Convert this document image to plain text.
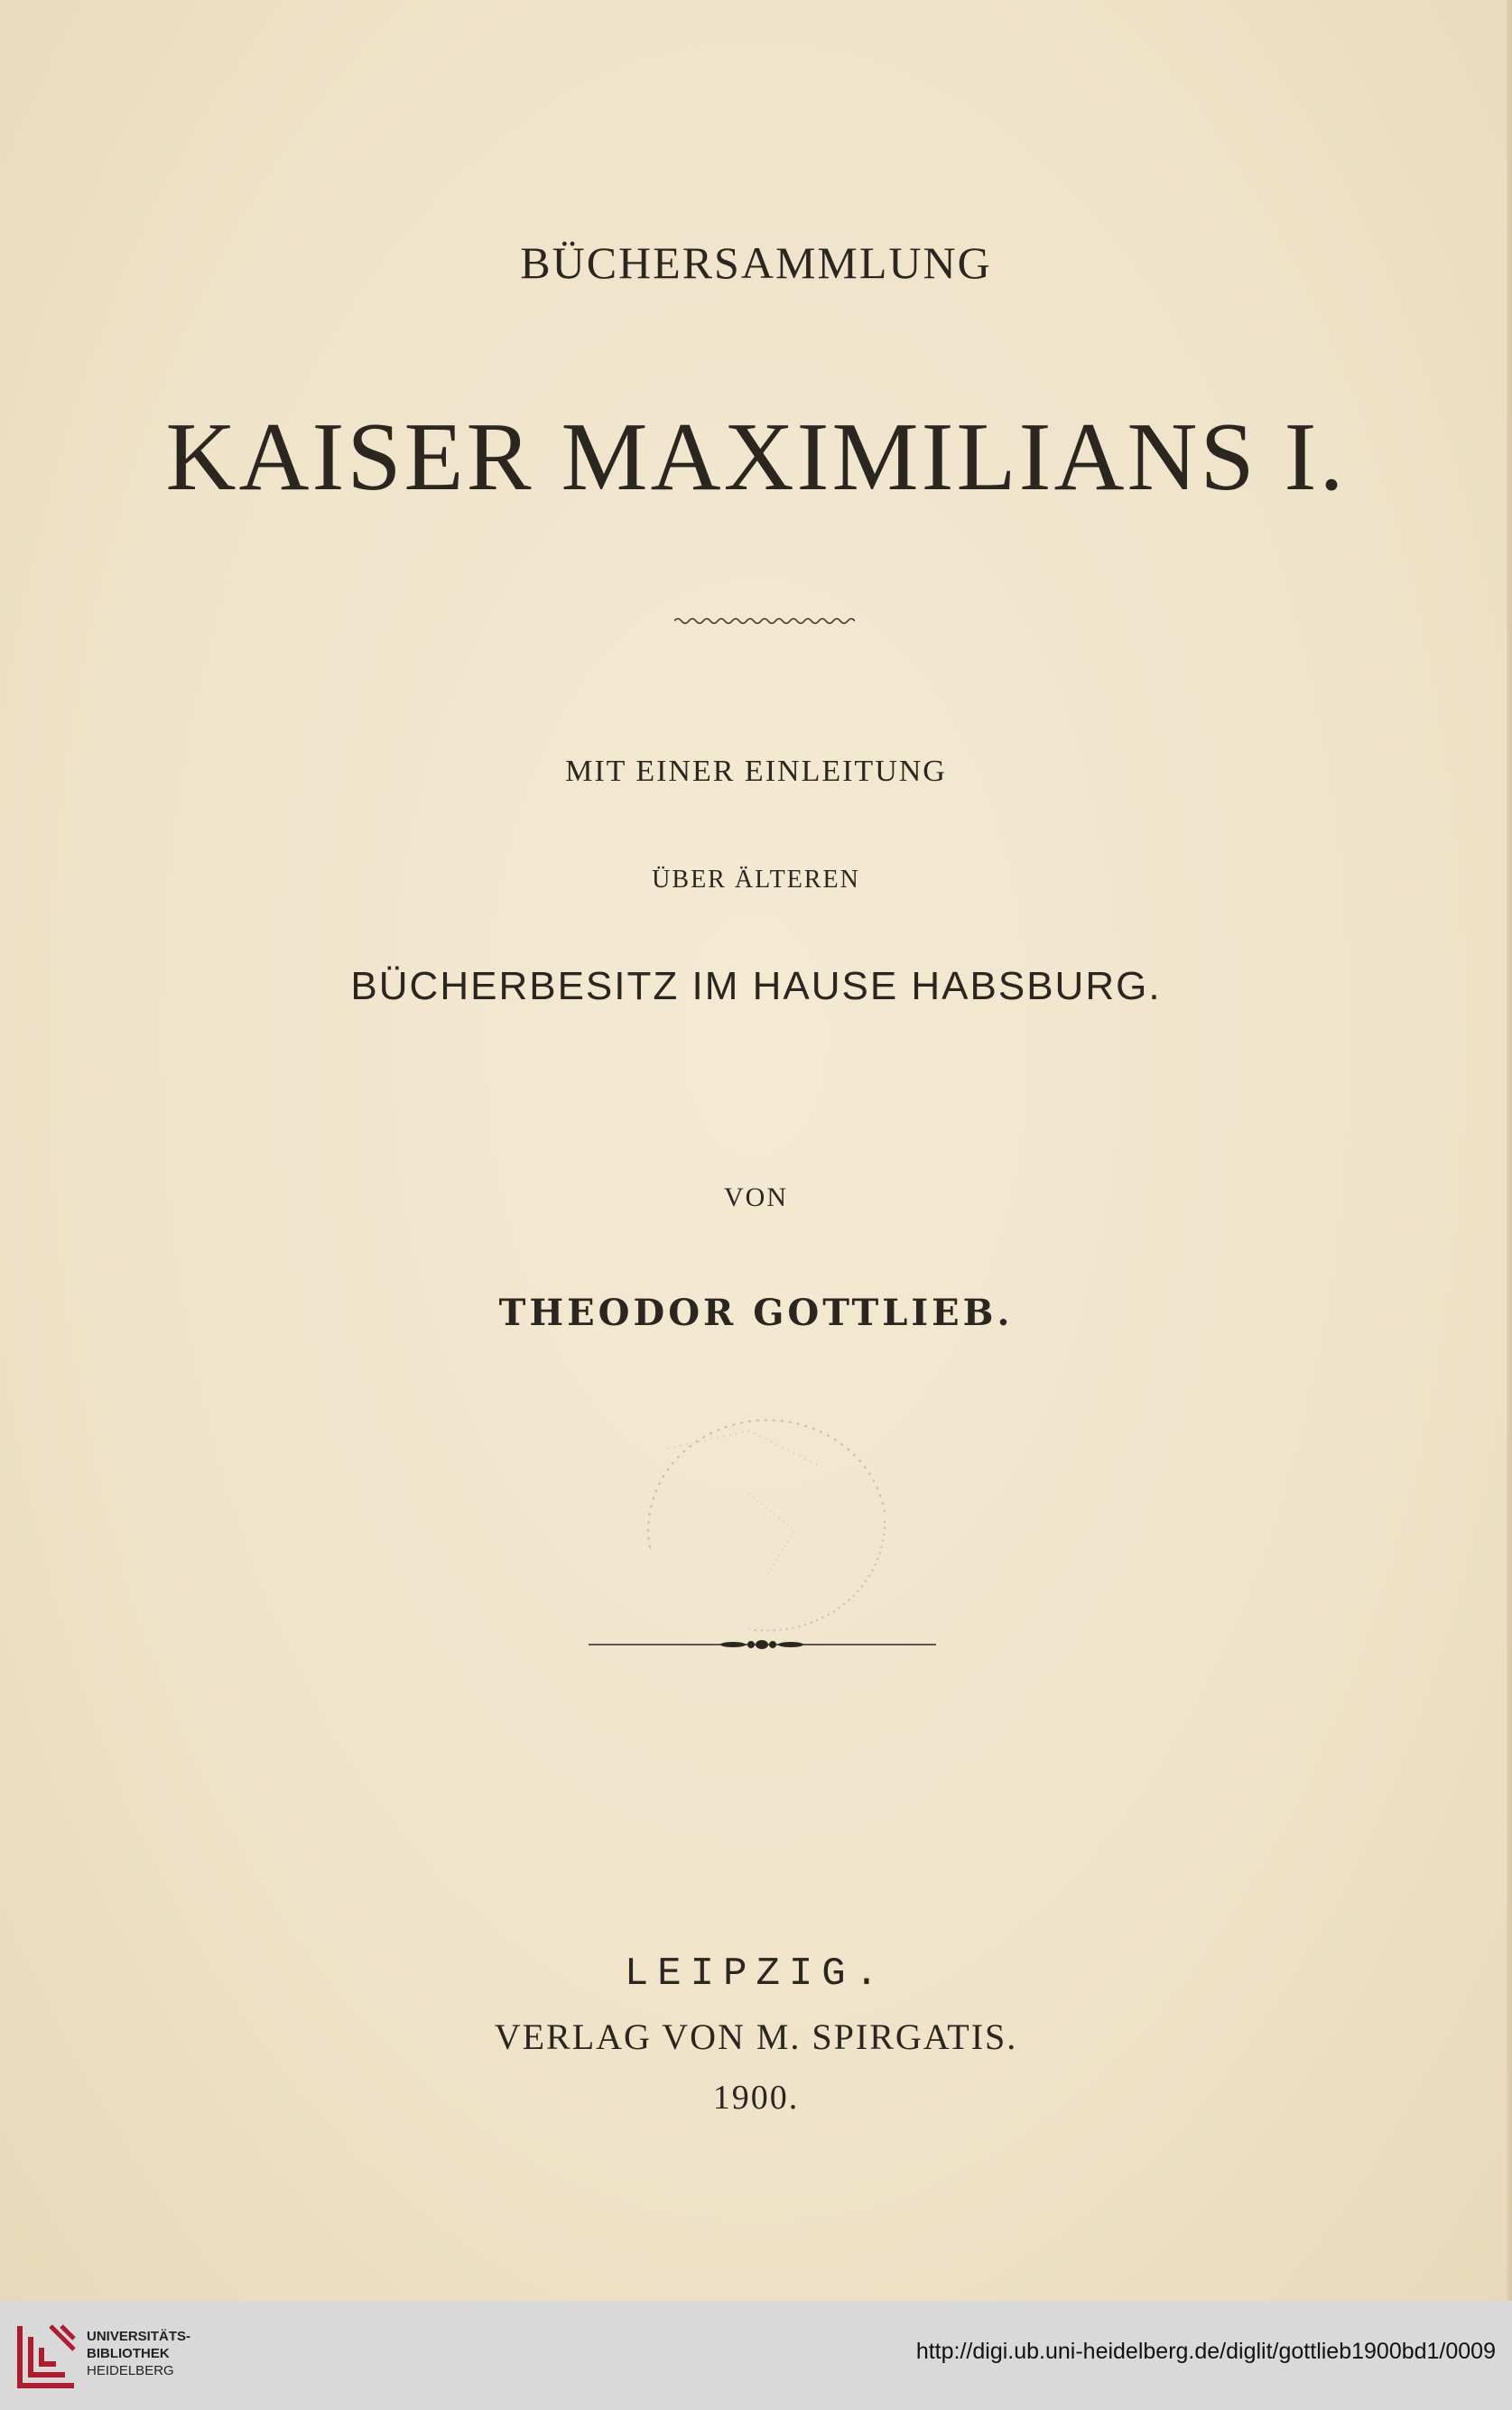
BÜCHERSAMMLUNG
KAISER MAXIMILIANS I.
MIT EINER EINLEITUNG
ÜBER ÄLTEREN
BÜCHERBESITZ IM HAUSE HABSBURG.
VON
THEODOR GOTTLIEB.
LEIPZIG.
VERLAG VON M. SPIRGATIS.
1900.
UNIVERSITÄTS-
BIBLIOTHEK
HEIDELBERG
http://digi.ub.uni-heidelberg.de/diglit/gottlieb1900bd1/0009
